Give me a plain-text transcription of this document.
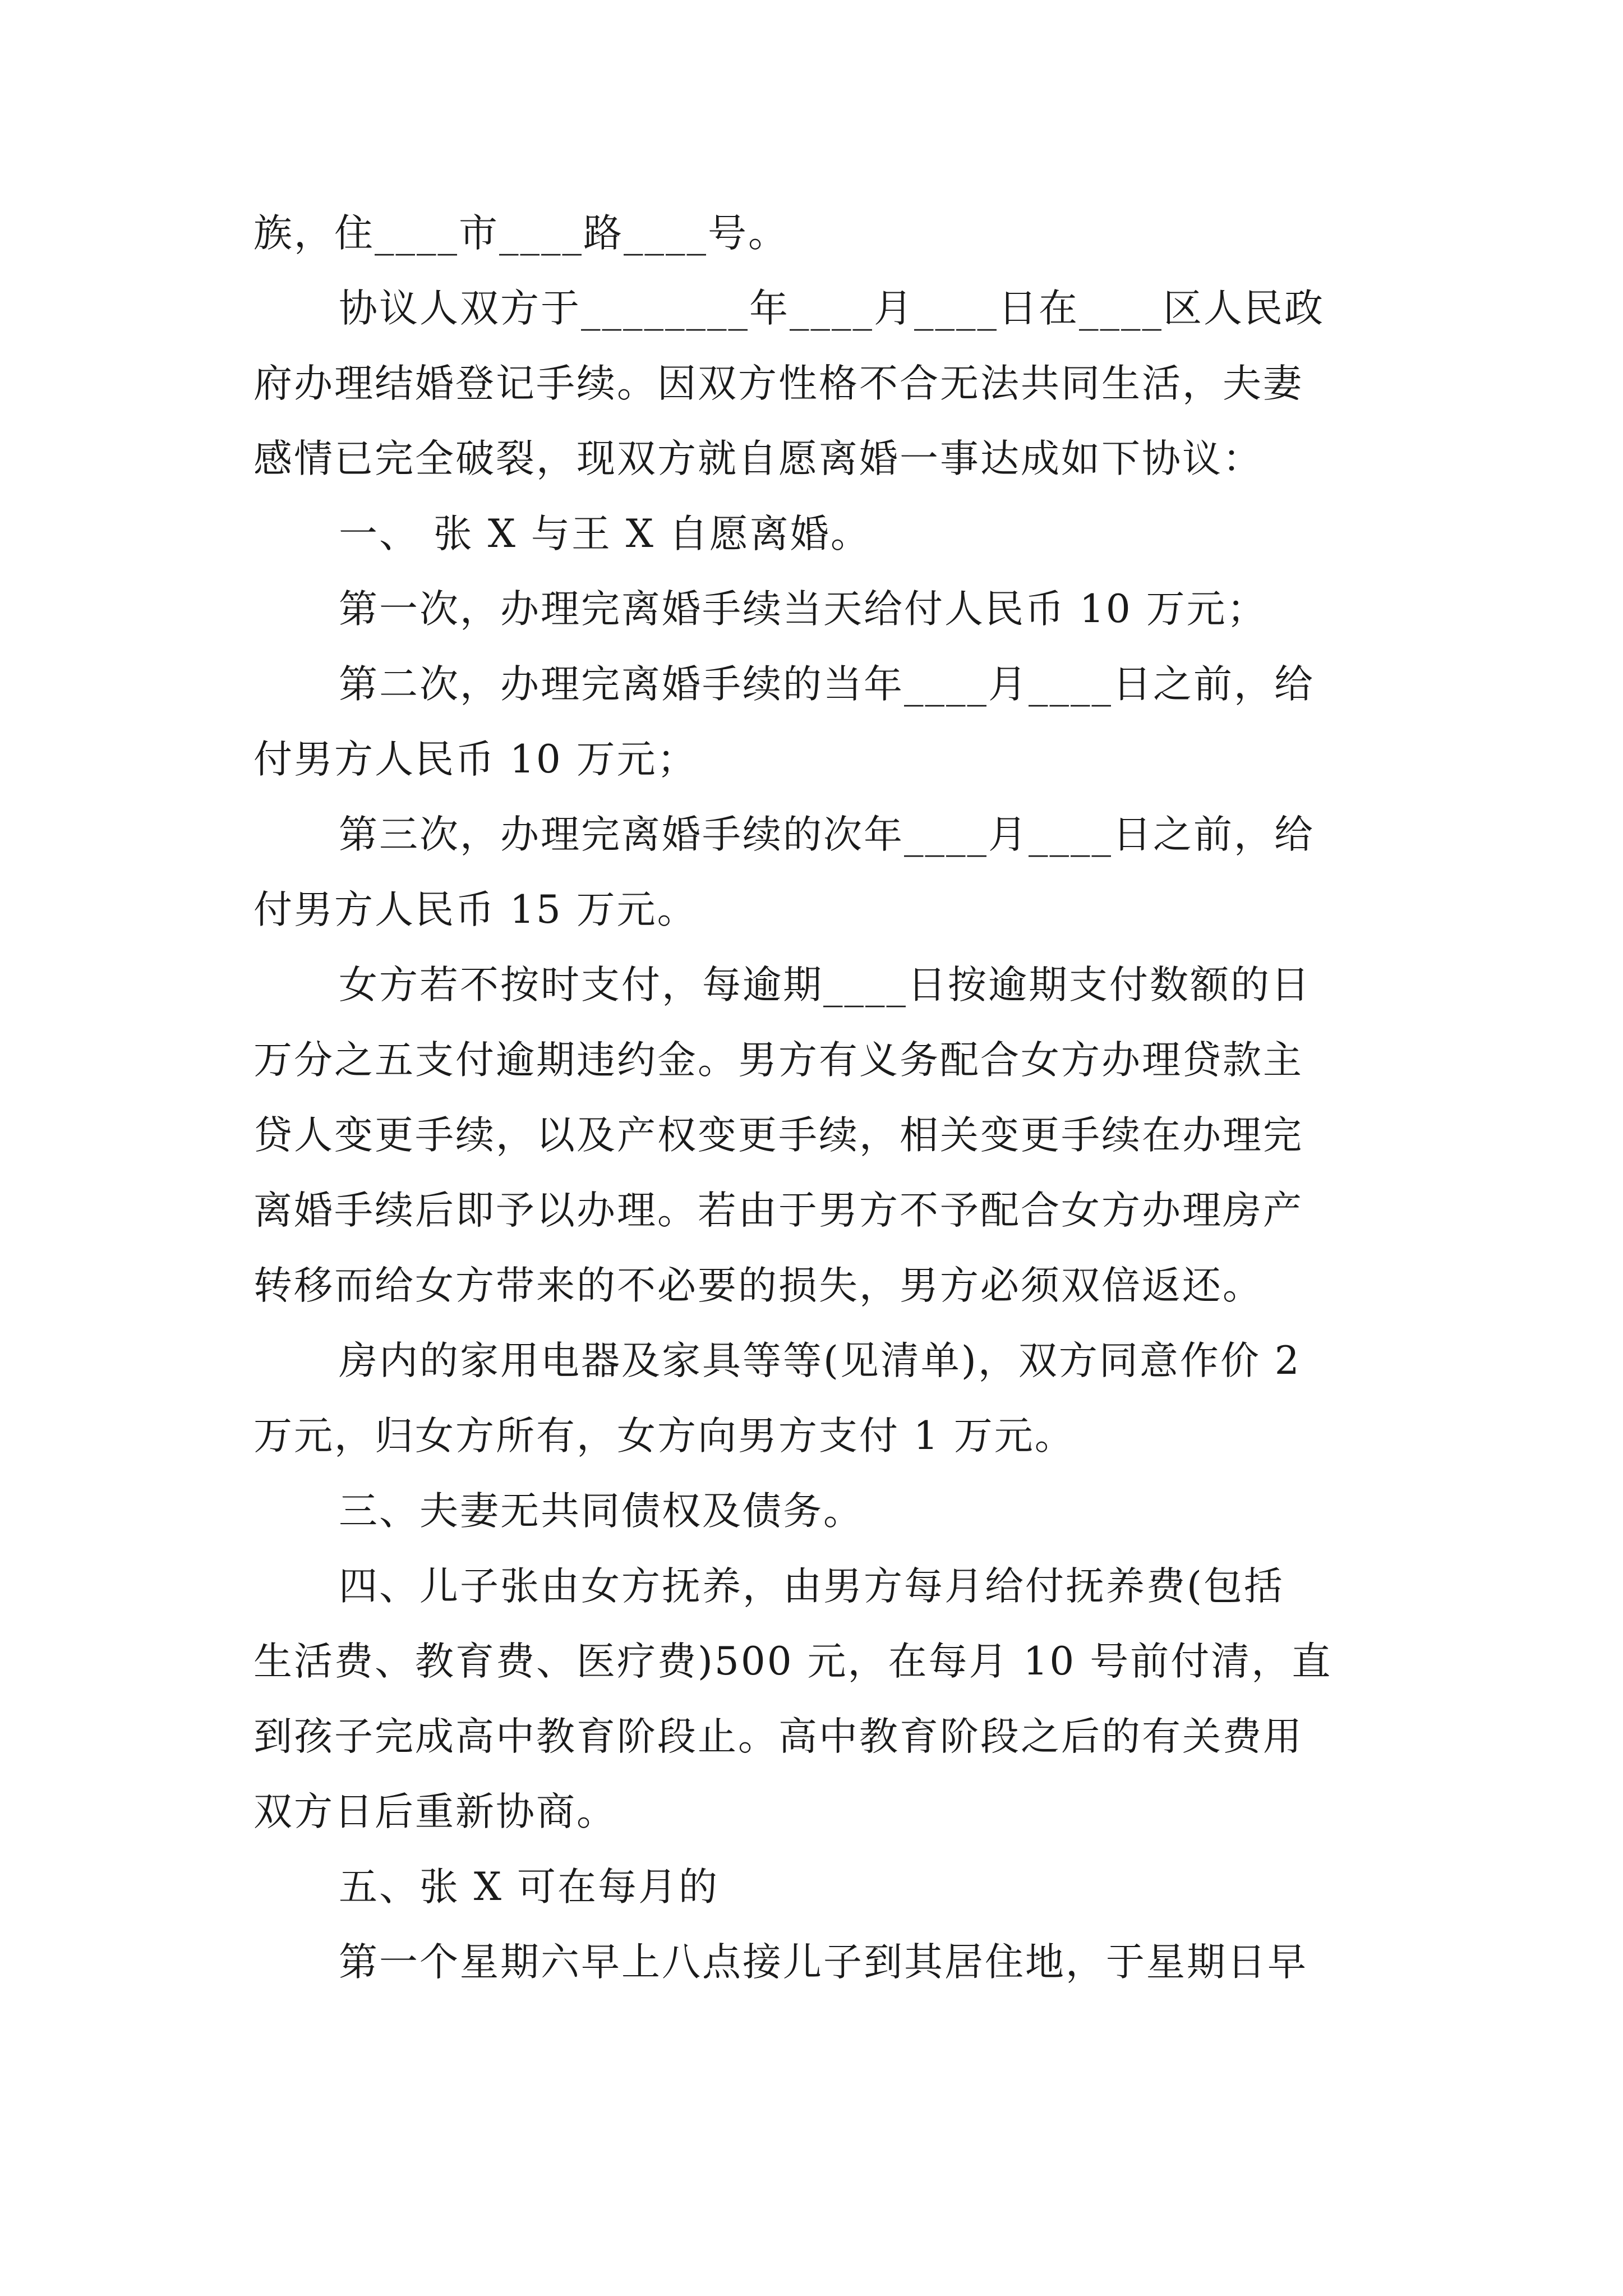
族，住____市____路____号。
协议人双方于________年____月____日在____区人民政
府办理结婚登记手续。因双方性格不合无法共同生活，夫妻
感情已完全破裂，现双方就自愿离婚一事达成如下协议：
一、 张 X 与王 X 自愿离婚。
第一次，办理完离婚手续当天给付人民币 10 万元；
第二次，办理完离婚手续的当年____月____日之前，给
付男方人民币 10 万元；
第三次，办理完离婚手续的次年____月____日之前，给
付男方人民币 15 万元。
女方若不按时支付，每逾期____日按逾期支付数额的日
万分之五支付逾期违约金。男方有义务配合女方办理贷款主
贷人变更手续，以及产权变更手续，相关变更手续在办理完
离婚手续后即予以办理。若由于男方不予配合女方办理房产
转移而给女方带来的不必要的损失，男方必须双倍返还。
房内的家用电器及家具等等(见清单)，双方同意作价 2
万元，归女方所有，女方向男方支付 1 万元。
三、夫妻无共同债权及债务。
四、儿子张由女方抚养，由男方每月给付抚养费(包括
生活费、教育费、医疗费)500 元，在每月 10 号前付清，直
到孩子完成高中教育阶段止。高中教育阶段之后的有关费用
双方日后重新协商。
五、张 X 可在每月的
第一个星期六早上八点接儿子到其居住地，于星期日早
